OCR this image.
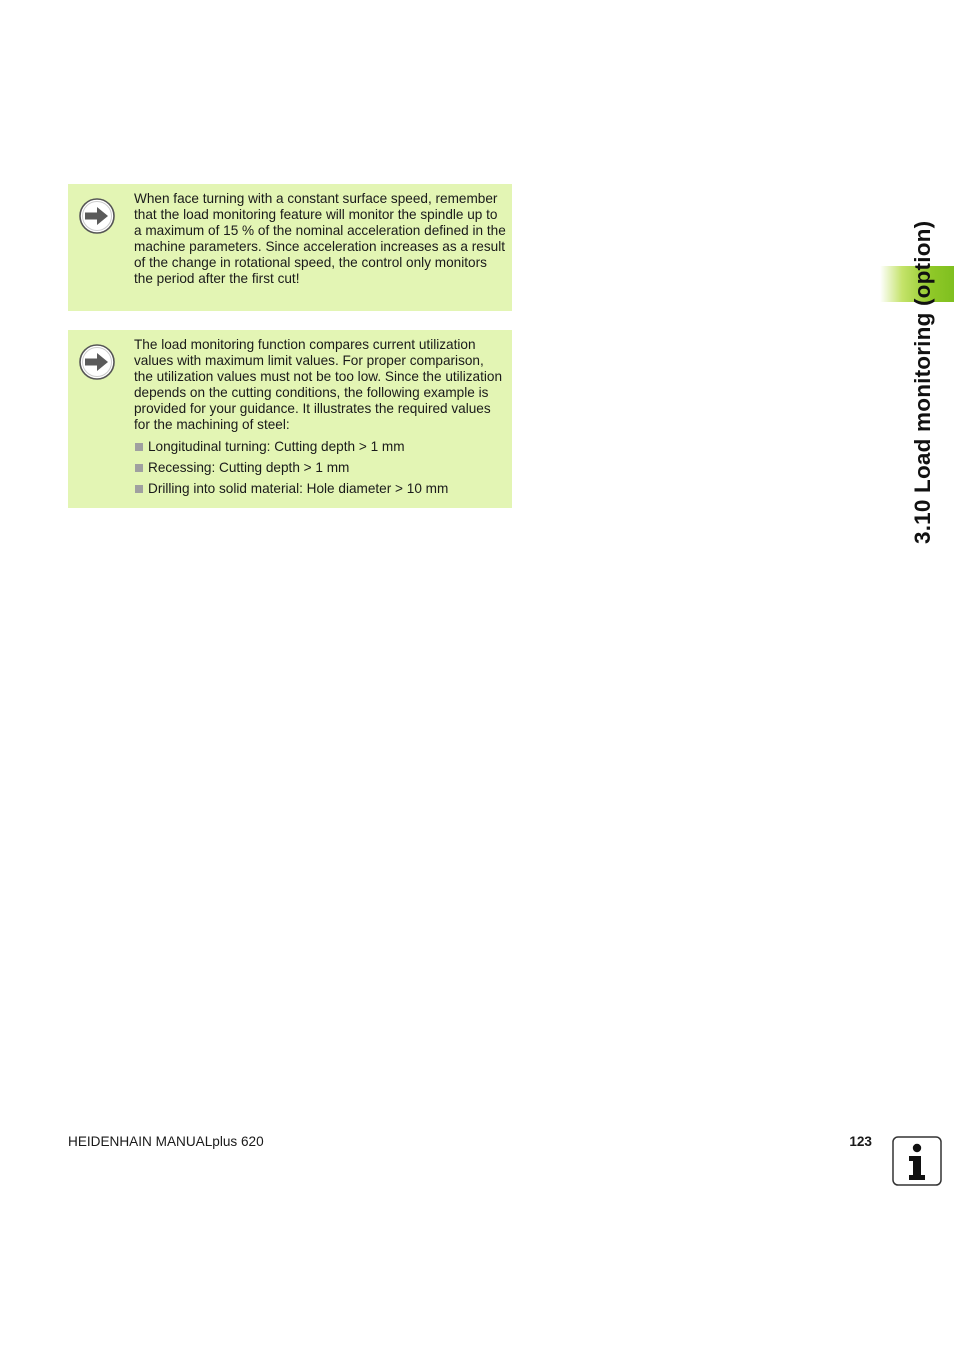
3.10 Load monitoring (option)

When face turning with a constant surface speed, remember that the load monitoring feature will monitor the spindle up to a maximum of 15 % of the nominal acceleration defined in the machine parameters. Since acceleration increases as a result of the change in rotational speed, the control only monitors the period after the first cut!

The load monitoring function compares current utilization values with maximum limit values. For proper comparison, the utilization values must not be too low. Since the utilization depends on the cutting conditions, the following example is provided for your guidance. It illustrates the required values for the machining of steel:

Longitudinal turning: Cutting depth > 1 mm
Recessing: Cutting depth > 1 mm
Drilling into solid material: Hole diameter > 10 mm
HEIDENHAIN MANUALplus 620	123
